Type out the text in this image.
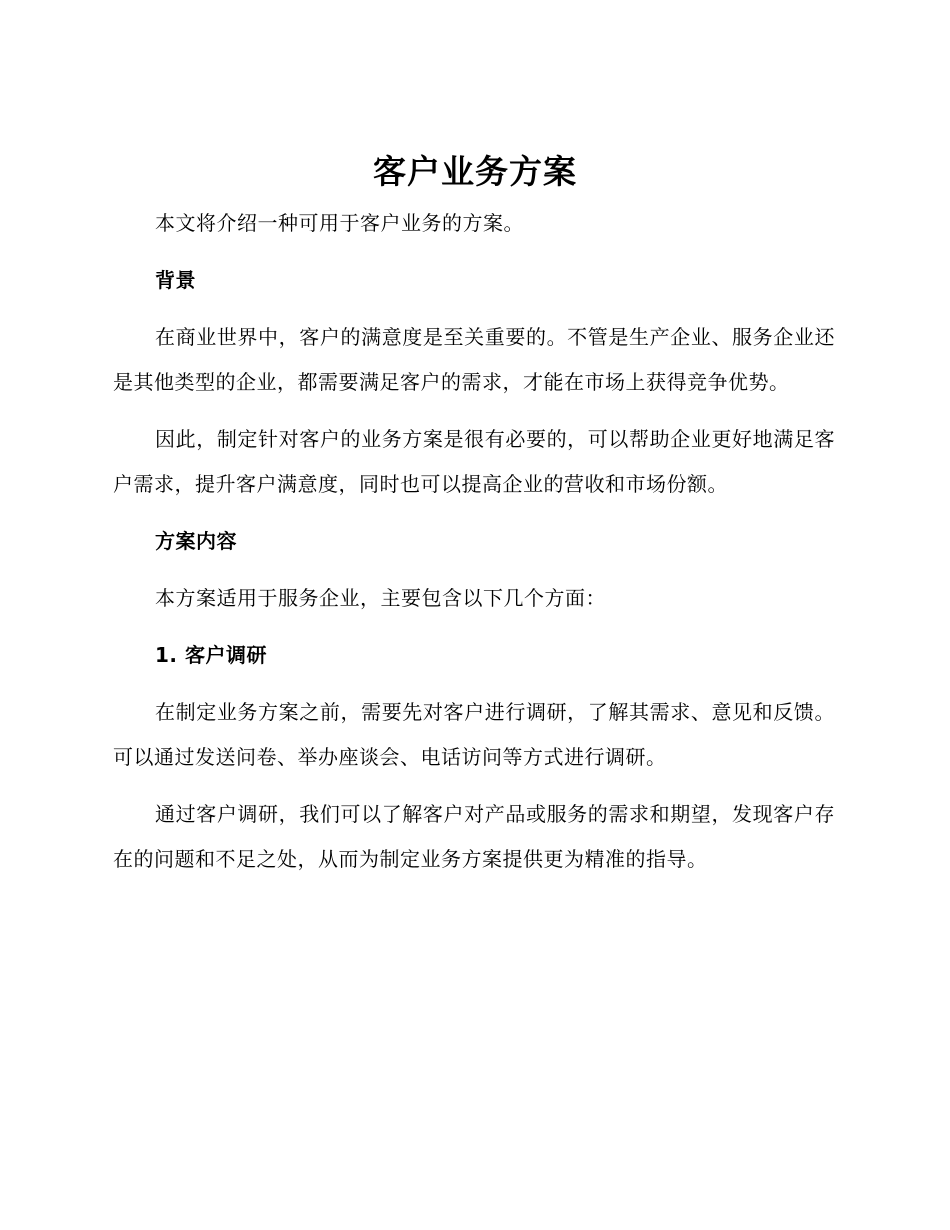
客户业务方案

本文将介绍一种可用于客户业务的方案。

背景

在商业世界中，客户的满意度是至关重要的。不管是生产企业、服务企业还是其他类型的企业，都需要满足客户的需求，才能在市场上获得竞争优势。

因此，制定针对客户的业务方案是很有必要的，可以帮助企业更好地满足客户需求，提升客户满意度，同时也可以提高企业的营收和市场份额。

方案内容

本方案适用于服务企业，主要包含以下几个方面：

1. 客户调研

在制定业务方案之前，需要先对客户进行调研，了解其需求、意见和反馈。可以通过发送问卷、举办座谈会、电话访问等方式进行调研。

通过客户调研，我们可以了解客户对产品或服务的需求和期望，发现客户存在的问题和不足之处，从而为制定业务方案提供更为精准的指导。
